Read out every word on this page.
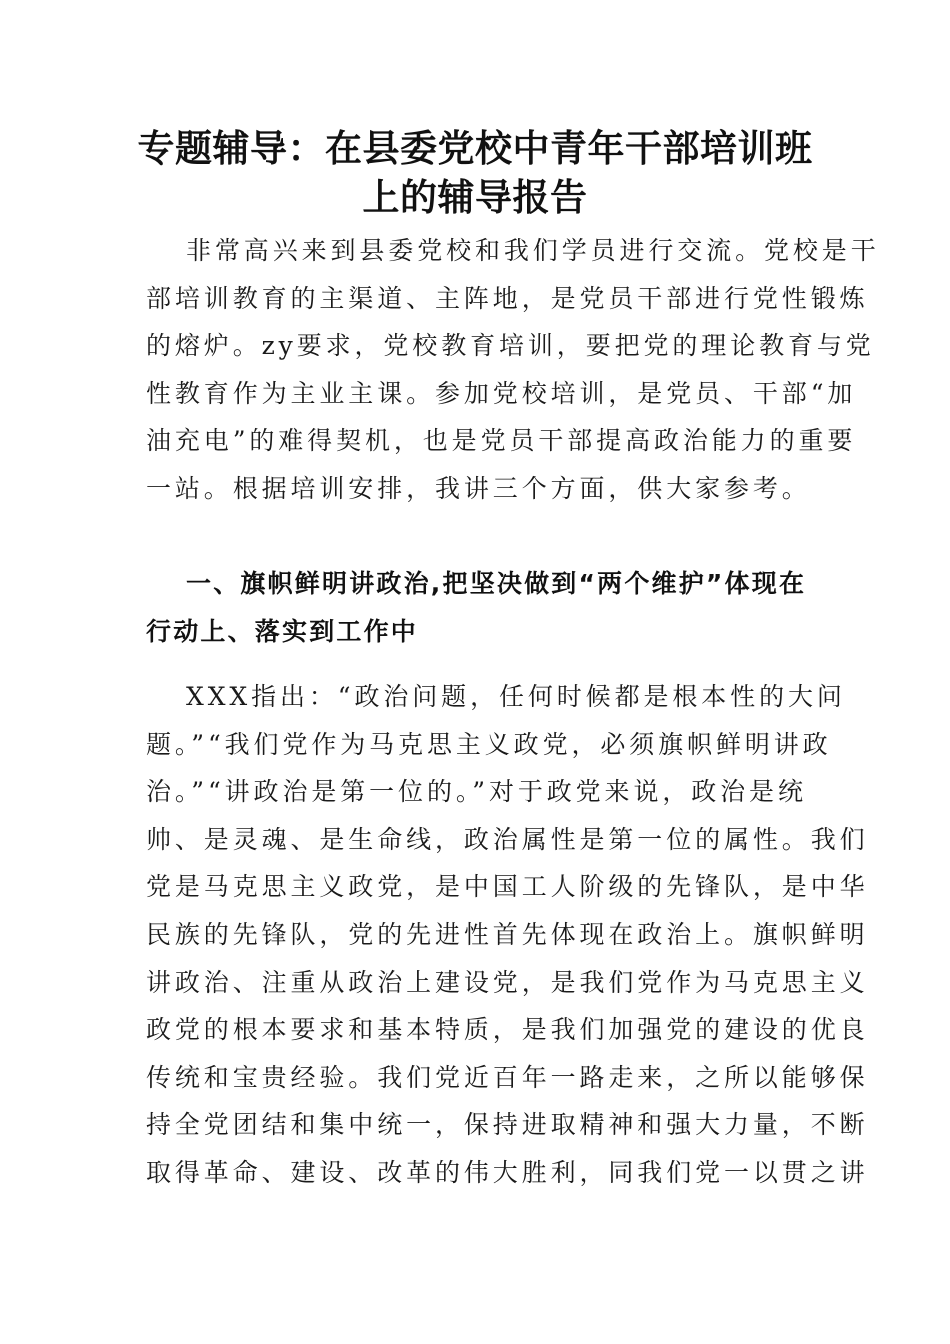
专题辅导：在县委党校中青年干部培训班
上的辅导报告
非常高兴来到县委党校和我们学员进行交流。党校是干
部培训教育的主渠道、主阵地，是党员干部进行党性锻炼
的熔炉。zy要求，党校教育培训，要把党的理论教育与党
性教育作为主业主课。参加党校培训，是党员、干部“加
油充电”的难得契机，也是党员干部提高政治能力的重要
一站。根据培训安排，我讲三个方面，供大家参考。
一、旗帜鲜明讲政治,把坚决做到“两个维护”体现在
行动上、落实到工作中
XXX指出：“政治问题，任何时候都是根本性的大问
题。”“我们党作为马克思主义政党，必须旗帜鲜明讲政
治。”“讲政治是第一位的。”对于政党来说，政治是统
帅、是灵魂、是生命线，政治属性是第一位的属性。我们
党是马克思主义政党，是中国工人阶级的先锋队，是中华
民族的先锋队，党的先进性首先体现在政治上。旗帜鲜明
讲政治、注重从政治上建设党，是我们党作为马克思主义
政党的根本要求和基本特质，是我们加强党的建设的优良
传统和宝贵经验。我们党近百年一路走来，之所以能够保
持全党团结和集中统一，保持进取精神和强大力量，不断
取得革命、建设、改革的伟大胜利，同我们党一以贯之讲
